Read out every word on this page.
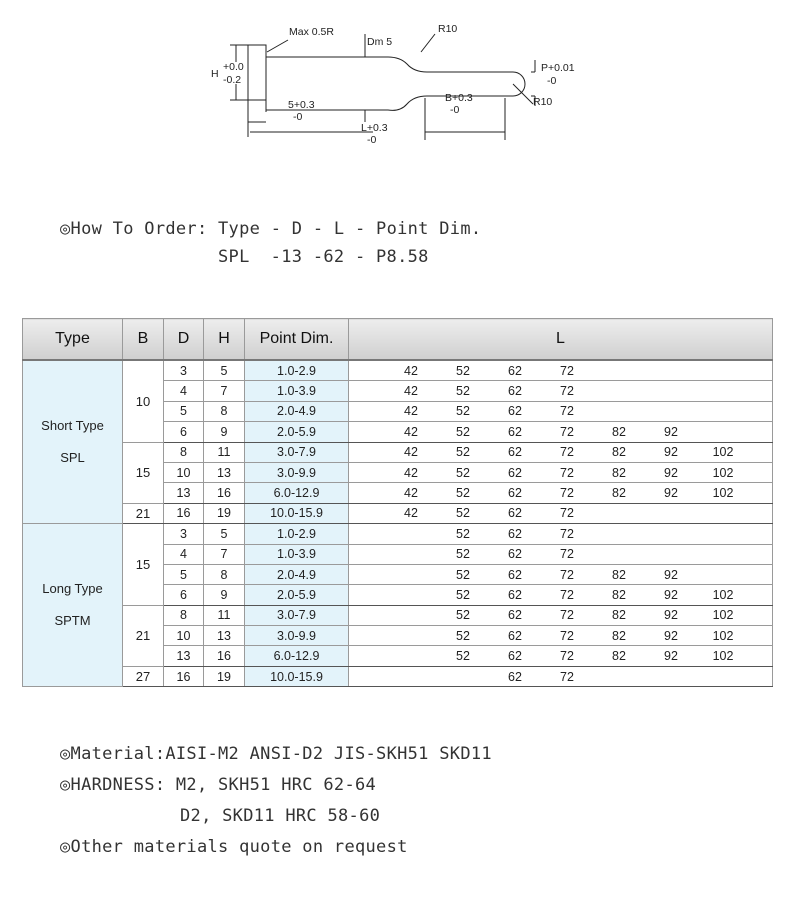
Max 0.5R
Dm 5
R10
H
+0.0
-0.2
P+0.01
-0
R10
5+0.3
-0
B+0.3
-0
L+0.3
-0
◎How To Order: Type - D - L - Point Dim.
SPL  -13 -62 - P8.58
Type	B	D	H	Point Dim.	L

Short Type
SPL	10	3	5	1.0-2.9	42 52 62 72
		4	7	1.0-3.9	42 52 62 72
		5	8	2.0-4.9	42 52 62 72
		6	9	2.0-5.9	42 52 62 72 82 92
	15	8	11	3.0-7.9	42 52 62 72 82 92 102
		10	13	3.0-9.9	42 52 62 72 82 92 102
		13	16	6.0-12.9	42 52 62 72 82 92 102
	21	16	19	10.0-15.9	42 52 62 72

Long Type
SPTM	15	3	5	1.0-2.9	52 62 72
		4	7	1.0-3.9	52 62 72
		5	8	2.0-4.9	52 62 72 82 92
		6	9	2.0-5.9	52 62 72 82 92 102
	21	8	11	3.0-7.9	52 62 72 82 92 102
		10	13	3.0-9.9	52 62 72 82 92 102
		13	16	6.0-12.9	52 62 72 82 92 102
	27	16	19	10.0-15.9	62 72
◎Material:AISI-M2 ANSI-D2 JIS-SKH51 SKD11
◎HARDNESS: M2, SKH51 HRC 62-64
D2, SKD11 HRC 58-60
◎Other materials quote on request
